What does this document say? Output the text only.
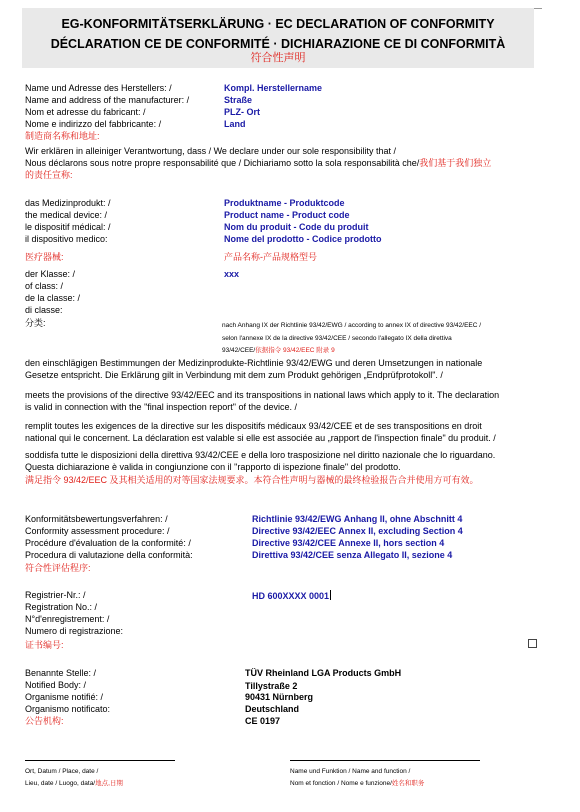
EG-KONFORMITÄTSERKLÄRUNG · EC DECLARATION OF CONFORMITY
DÉCLARATION CE DE CONFORMITÉ · DICHIARAZIONE CE DI CONFORMITÀ
符合性声明
Name und Adresse des Herstellers: /
Name and address of the manufacturer: /
Nom et adresse du fabricant: /
Nome e indirizzo del fabbricante: /
制造商名称和地址:
Kompl. Herstellername
Straße
PLZ- Ort
Land
Wir erklären in alleiniger Verantwortung, dass / We declare under our sole responsibility that /
Nous déclarons sous notre propre responsabilité que / Dichiariamo sotto la sola responsabilità che/我们基于我们独立
的责任宣称:
das Medizinprodukt: /
the medical device: /
le dispositif médical: /
il dispositivo medico:
医疗器械:
Produktname - Produktcode
Product name - Product code
Nom du produit - Code du produit
Nome del prodotto - Codice prodotto
产品名称-产品规格型号
der Klasse: /
of class: /
de la classe: /
di classe:
分类:
xxx
nach Anhang IX der Richtlinie 93/42/EWG / according to annex IX of directive 93/42/EEC /
selon l'annexe IX de la directive 93/42/CEE / secondo l'allegato IX della direttiva
93/42/CEE/依据指令 93/42/EEC 附录 9
den einschlägigen Bestimmungen der Medizinprodukte-Richtlinie 93/42/EWG und deren Umsetzungen in nationale
Gesetze entspricht. Die Erklärung gilt in Verbindung mit dem zum Produkt gehörigen „Endprüfprotokoll". /
meets the provisions of the directive 93/42/EEC and its transpositions in national laws which apply to it. The declaration
is valid in connection with the "final inspection report" of the device. /
remplit toutes les exigences de la directive sur les dispositifs médicaux 93/42/CEE et de ses transpositions en droit
national qui le concernent. La déclaration est valable si elle est associée au „rapport de l'inspection finale" du produit. /
soddisfa tutte le disposizioni della direttiva 93/42/CEE e della loro trasposizione nel diritto nazionale che lo riguardano.
Questa dichiarazione è valida in congiunzione con il "rapporto di ispezione finale" del prodotto.
满足指令 93/42/EEC 及其相关适用的对等国家法规要求。本符合性声明与器械的最终检验报告合并使用方可有效。
Konformitätsbewertungsverfahren: /
Conformity assessment procedure: /
Procédure d'évaluation de la conformité: /
Procedura di valutazione della conformità:
符合性评估程序:
Richtlinie 93/42/EWG Anhang II, ohne Abschnitt 4
Directive 93/42/EEC Annex II, excluding Section 4
Directive 93/42/CEE Annexe II, hors section 4
Direttiva 93/42/CEE senza Allegato II, sezione 4
Registrier-Nr.: /
Registration No.: /
N°d'enregistrement: /
Numero di registrazione:
证书编号:
HD 600XXXX 0001
Benannte Stelle: /
Notified Body: /
Organisme notifié: /
Organismo notificato:
公告机构:
TÜV Rheinland LGA Products GmbH
Tillystraße 2
90431 Nürnberg
Deutschland
CE 0197
Ort, Datum / Place, date /
Lieu, date / Luogo, data/地点,日期
Name und Funktion / Name and function /
Nom et fonction / Nome e funzione/姓名和职务
